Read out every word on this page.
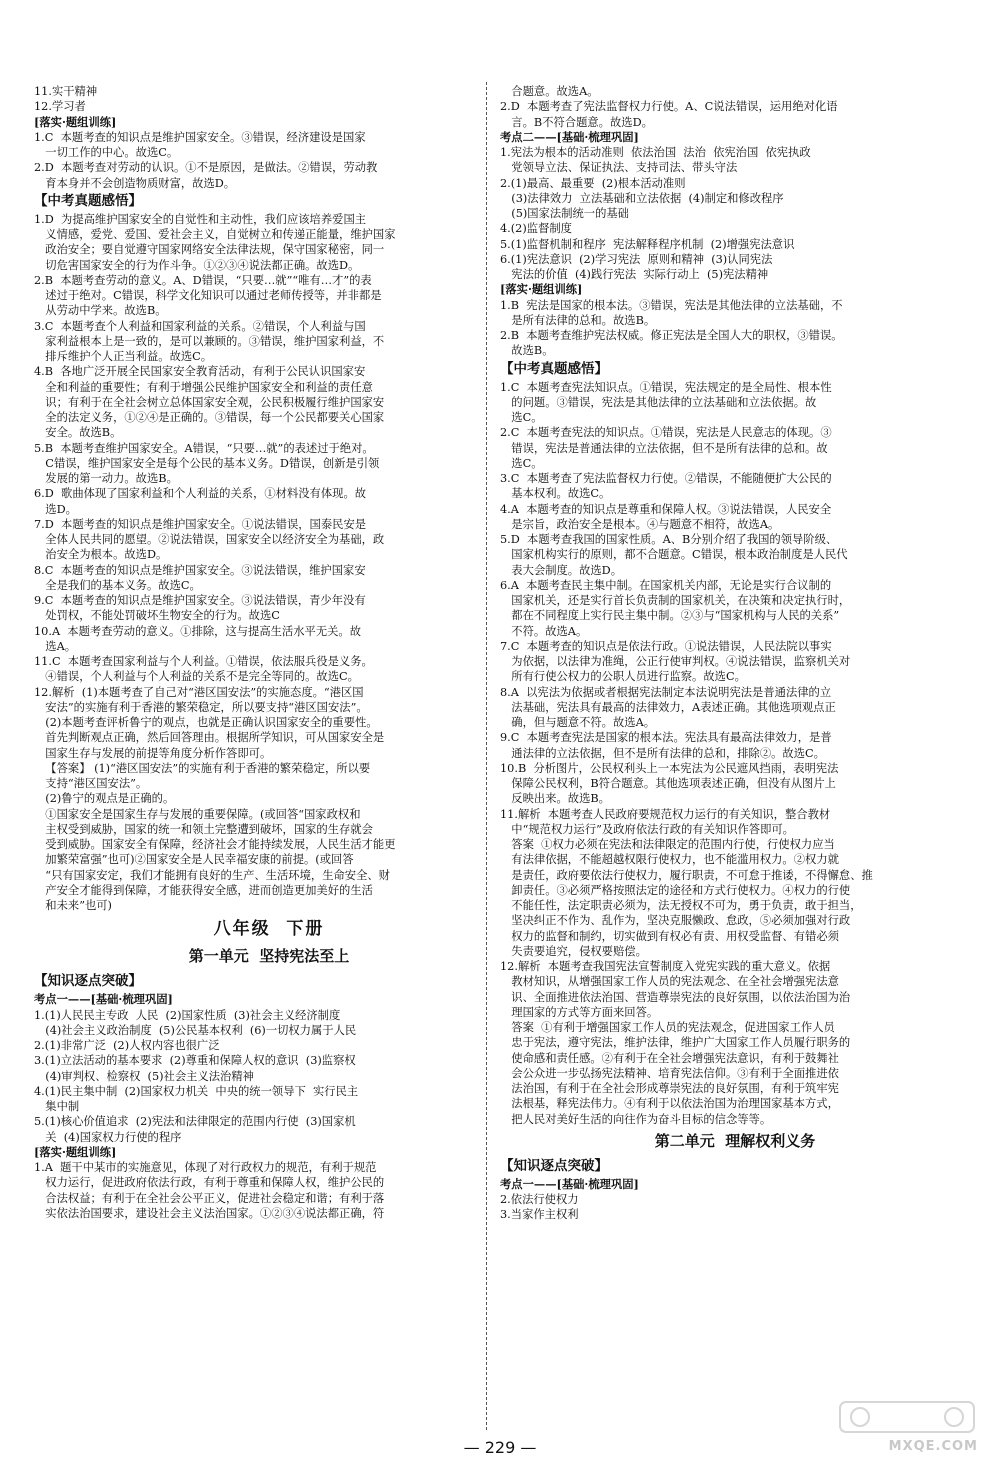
11.实干精神
12.学习者
[落实·题组训练]
1.C  本题考查的知识点是维护国家安全。③错误，经济建设是国家
一切工作的中心。故选C。
2.D  本题考查对劳动的认识。①不是原因，是做法。②错误，劳动教
育本身并不会创造物质财富，故选D。
【中考真题感悟】
1.D  为提高维护国家安全的自觉性和主动性，我们应该培养爱国主
义情感，爱党、爱国、爱社会主义，自觉树立和传递正能量，维护国家
政治安全；要自觉遵守国家网络安全法律法规，保守国家秘密，同一
切危害国家安全的行为作斗争。①②③④说法都正确。故选D。
2.B  本题考查劳动的意义。A、D错误，“只要…就”“唯有…才”的表
述过于绝对。C错误，科学文化知识可以通过老师传授等，并非都是
从劳动中学来。故选B。
3.C  本题考查个人利益和国家利益的关系。②错误，个人利益与国
家利益根本上是一致的，是可以兼顾的。③错误，维护国家利益，不
排斥维护个人正当利益。故选C。
4.B  各地广泛开展全民国家安全教育活动，有利于公民认识国家安
全和利益的重要性；有利于增强公民维护国家安全和利益的责任意
识；有利于在全社会树立总体国家安全观，公民积极履行维护国家安
全的法定义务，①②④是正确的。③错误，每一个公民都要关心国家
安全。故选B。
5.B  本题考查维护国家安全。A错误，“只要…就”的表述过于绝对。
C错误，维护国家安全是每个公民的基本义务。D错误，创新是引领
发展的第一动力。故选B。
6.D  歌曲体现了国家利益和个人利益的关系，①材料没有体现。故
选D。
7.D  本题考查的知识点是维护国家安全。①说法错误，国泰民安是
全体人民共同的愿望。②说法错误，国家安全以经济安全为基础，政
治安全为根本。故选D。
8.C  本题考查的知识点是维护国家安全。③说法错误，维护国家安
全是我们的基本义务。故选C。
9.C  本题考查的知识点是维护国家安全。③说法错误，青少年没有
处罚权，不能处罚破坏生物安全的行为。故选C
10.A  本题考查劳动的意义。①排除，这与提高生活水平无关。故
选A。
11.C  本题考查国家利益与个人利益。①错误，依法服兵役是义务。
④错误，个人利益与个人利益的关系不是完全等同的。故选C。
12.解析  (1)本题考查了自己对“港区国安法”的实施态度。“港区国
安法”的实施有利于香港的繁荣稳定，所以要支持“港区国安法”。
(2)本题考查评析鲁宁的观点，也就是正确认识国家安全的重要性。
首先判断观点正确，然后回答理由。根据所学知识，可从国家安全是
国家生存与发展的前提等角度分析作答即可。
【答案】 (1)“港区国安法”的实施有利于香港的繁荣稳定，所以要
支持“港区国安法”。
(2)鲁宁的观点是正确的。
①国家安全是国家生存与发展的重要保障。(或回答“国家政权和
主权受到威胁，国家的统一和领土完整遭到破坏，国家的生存就会
受到威胁。国家安全有保障，经济社会才能持续发展，人民生活才能更
加繁荣富强”也可)②国家安全是人民幸福安康的前提。(或回答
“只有国家安定，我们才能拥有良好的生产、生活环境，生命安全、财
产安全才能得到保障，才能获得安全感，进而创造更加美好的生活
和未来”也可)
八年级  下册
第一单元  坚持宪法至上
【知识逐点突破】
考点一——[基础·梳理巩固]
1.(1)人民民主专政  人民  (2)国家性质  (3)社会主义经济制度
(4)社会主义政治制度  (5)公民基本权利  (6)一切权力属于人民
2.(1)非常广泛  (2)人权内容也很广泛
3.(1)立法活动的基本要求  (2)尊重和保障人权的意识  (3)监察权
(4)审判权、检察权  (5)社会主义法治精神
4.(1)民主集中制  (2)国家权力机关  中央的统一领导下  实行民主
集中制
5.(1)核心价值追求  (2)宪法和法律限定的范围内行使  (3)国家机
关  (4)国家权力行使的程序
[落实·题组训练]
1.A  题干中某市的实施意见，体现了对行政权力的规范，有利于规范
权力运行，促进政府依法行政，有利于尊重和保障人权，维护公民的
合法权益；有利于在全社会公平正义，促进社会稳定和谐；有利于落
实依法治国要求，建设社会主义法治国家。①②③④说法都正确，符
合题意。故选A。
2.D  本题考查了宪法监督权力行使。A、C说法错误，运用绝对化语
言。B不符合题意。故选D。
考点二——[基础·梳理巩固]
1.宪法为根本的活动准则  依法治国  法治  依宪治国  依宪执政
党领导立法、保证执法、支持司法、带头守法
2.(1)最高、最重要  (2)根本活动准则
(3)法律效力  立法基础和立法依据  (4)制定和修改程序
(5)国家法制统一的基础
4.(2)监督制度
5.(1)监督机制和程序  宪法解释程序机制  (2)增强宪法意识
6.(1)宪法意识  (2)学习宪法  原则和精神  (3)认同宪法
宪法的价值  (4)践行宪法  实际行动上  (5)宪法精神
[落实·题组训练]
1.B  宪法是国家的根本法。③错误，宪法是其他法律的立法基础，不
是所有法律的总和。故选B。
2.B  本题考查维护宪法权威。修正宪法是全国人大的职权，③错误。
故选B。
【中考真题感悟】
1.C  本题考查宪法知识点。①错误，宪法规定的是全局性、根本性
的问题。③错误，宪法是其他法律的立法基础和立法依据。故
选C。
2.C  本题考查宪法的知识点。①错误，宪法是人民意志的体现。③
错误，宪法是普通法律的立法依据，但不是所有法律的总和。故
选C。
3.C  本题考查了宪法监督权力行使。②错误，不能随便扩大公民的
基本权利。故选C。
4.A  本题考查的知识点是尊重和保障人权。③说法错误，人民安全
是宗旨，政治安全是根本。④与题意不相符，故选A。
5.D  本题考查我国的国家性质。A、B分别介绍了我国的领导阶级、
国家机构实行的原则，都不合题意。C错误，根本政治制度是人民代
表大会制度。故选D。
6.A  本题考查民主集中制。在国家机关内部，无论是实行合议制的
国家机关，还是实行首长负责制的国家机关，在决策和决定执行时，
都在不同程度上实行民主集中制。②③与“国家机构与人民的关系”
不符。故选A。
7.C  本题考查的知识点是依法行政。①说法错误，人民法院以事实
为依据，以法律为准绳，公正行使审判权。④说法错误，监察机关对
所有行使公权力的公职人员进行监察。故选C。
8.A  以宪法为依据或者根据宪法制定本法说明宪法是普通法律的立
法基础，宪法具有最高的法律效力，A表述正确。其他选项观点正
确，但与题意不符。故选A。
9.C  本题考查宪法是国家的根本法。宪法具有最高法律效力，是普
通法律的立法依据，但不是所有法律的总和，排除②。故选C。
10.B  分析图片，公民权利头上一本宪法为公民遮风挡雨，表明宪法
保障公民权利，B符合题意。其他选项表述正确，但没有从图片上
反映出来。故选B。
11.解析  本题考查人民政府要规范权力运行的有关知识，整合教材
中“规范权力运行”及政府依法行政的有关知识作答即可。
答案  ①权力必须在宪法和法律限定的范围内行使，行使权力应当
有法律依据，不能超越权限行使权力，也不能滥用权力。②权力就
是责任，政府要依法行使权力，履行职责，不可怠于推诿，不得懈怠、推
卸责任。③必须严格按照法定的途径和方式行使权力。④权力的行使
不能任性，法定职责必须为，法无授权不可为，勇于负责，敢于担当，
坚决纠正不作为、乱作为，坚决克服懒政、怠政，⑤必须加强对行政
权力的监督和制约，切实做到有权必有责、用权受监督、有错必须
失责要追究，侵权要赔偿。
12.解析  本题考查我国宪法宣誓制度入党宪实践的重大意义。依据
教材知识，从增强国家工作人员的宪法观念、在全社会增强宪法意
识、全面推进依法治国、营造尊崇宪法的良好氛围，以依法治国为治
理国家的方式等方面来回答。
答案  ①有利于增强国家工作人员的宪法观念，促进国家工作人员
忠于宪法，遵守宪法，维护法律，维护广大国家工作人员履行职务的
使命感和责任感。②有利于在全社会增强宪法意识，有利于鼓舞社
会公众进一步弘扬宪法精神、培育宪法信仰。③有利于全面推进依
法治国，有利于在全社会形成尊崇宪法的良好氛围，有利于筑牢宪
法根基，释宪法伟力。④有利于以依法治国为治理国家基本方式，
把人民对美好生活的向往作为奋斗目标的信念等等。
第二单元  理解权利义务
【知识逐点突破】
考点一——[基础·梳理巩固]
2.依法行使权力
3.当家作主权利
— 229 —	MXQE.COM
